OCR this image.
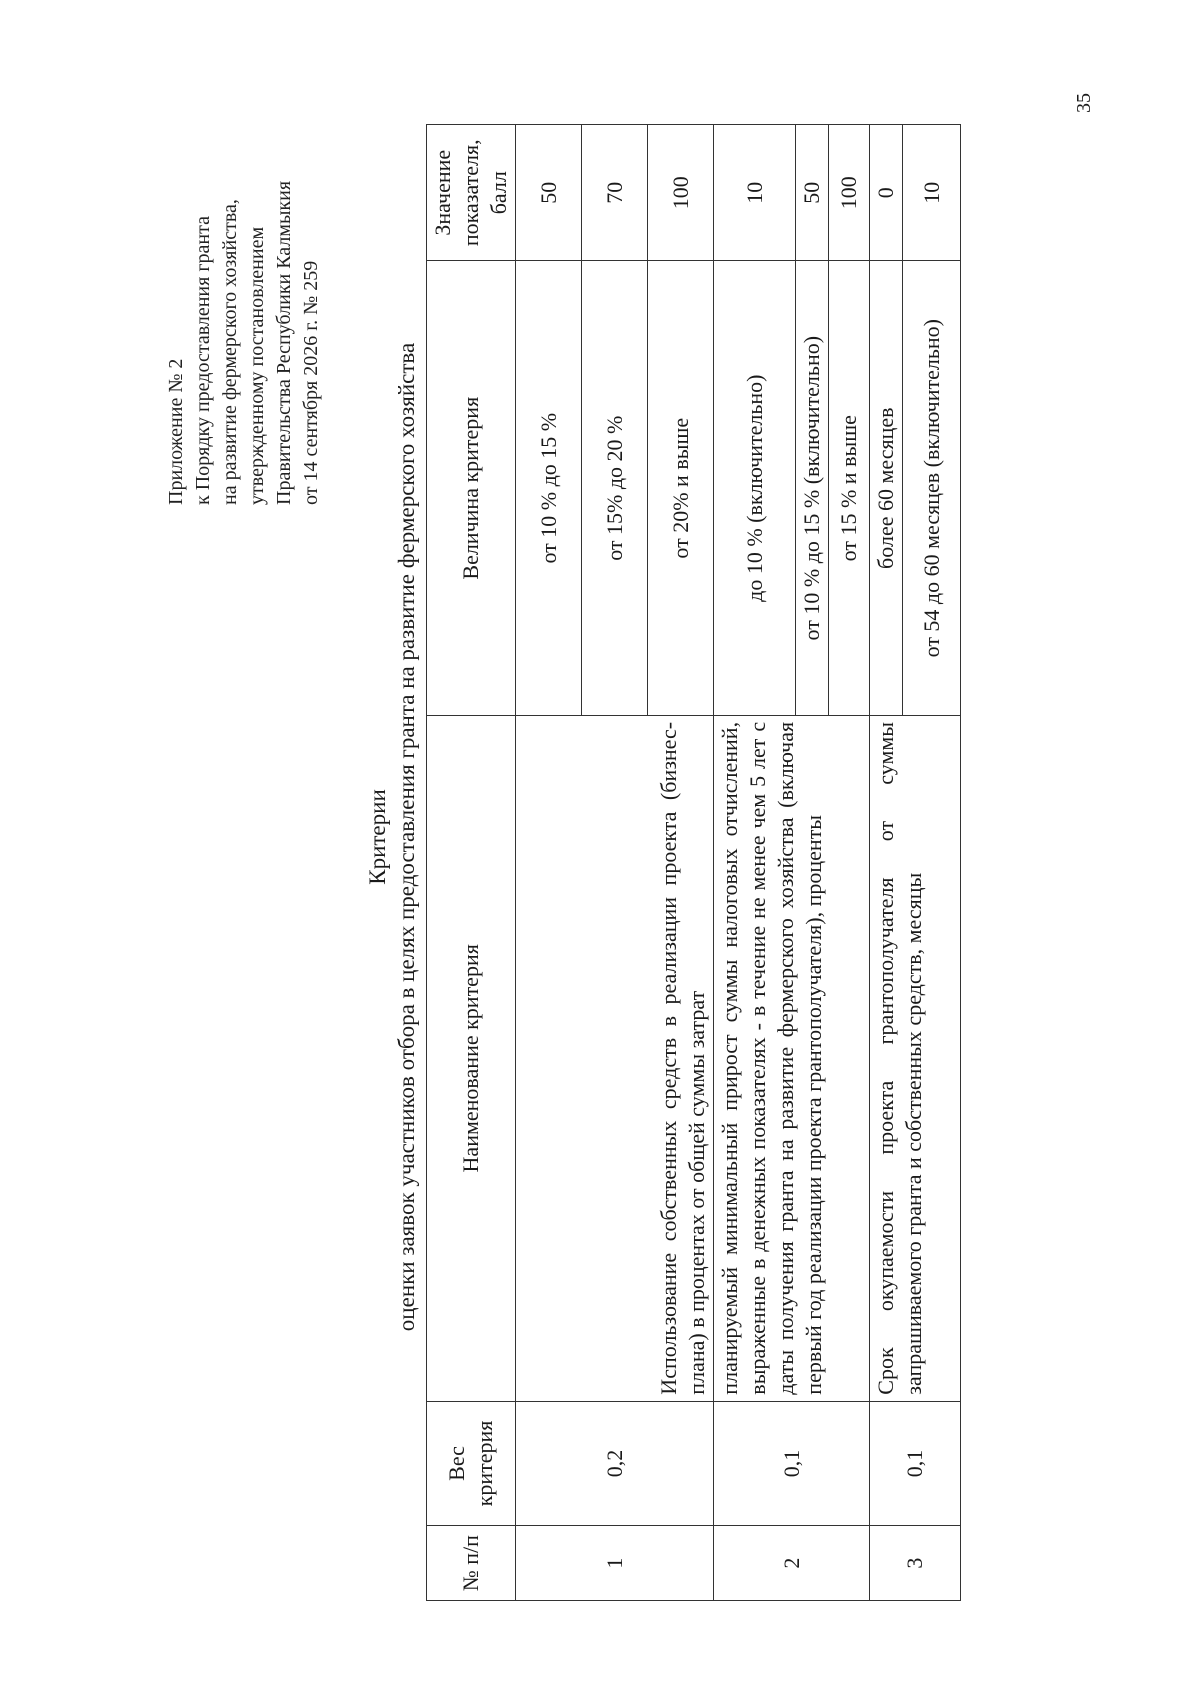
Приложение № 2 к Порядку предоставления гранта на развитие фермерского хозяйства, утвержденному постановлением Правительства Республики Калмыкия от 14 сентября 2026 г. № 259
Критерии оценки заявок участников отбора в целях предоставления гранта на развитие фермерского хозяйства
№ п/п	Вес критерия	Наименование критерия	Величина критерия	Значение показателя, балл
1	0,2	Использование собственных средств в реализации проекта (бизнес-плана) в процентах от общей суммы затрат	от 10 % до 15 %	50
			от 15% до 20 %	70
			от 20% и выше	100
2	0,1	планируемый минимальный прирост суммы налоговых отчислений, выраженные в денежных показателях - в течение не менее чем 5 лет с даты получения гранта на развитие фермерского хозяйства (включая первый год реализации проекта грантополучателя), проценты	до 10 % (включительно)	10
			от 10 % до 15 % (включительно)	50
			от 15 % и выше	100
3	0,1	Срок окупаемости проекта грантополучателя от суммы запрашиваемого гранта и собственных средств, месяцы	более 60 месяцев	0
			от 54 до 60 месяцев (включительно)	10
35
